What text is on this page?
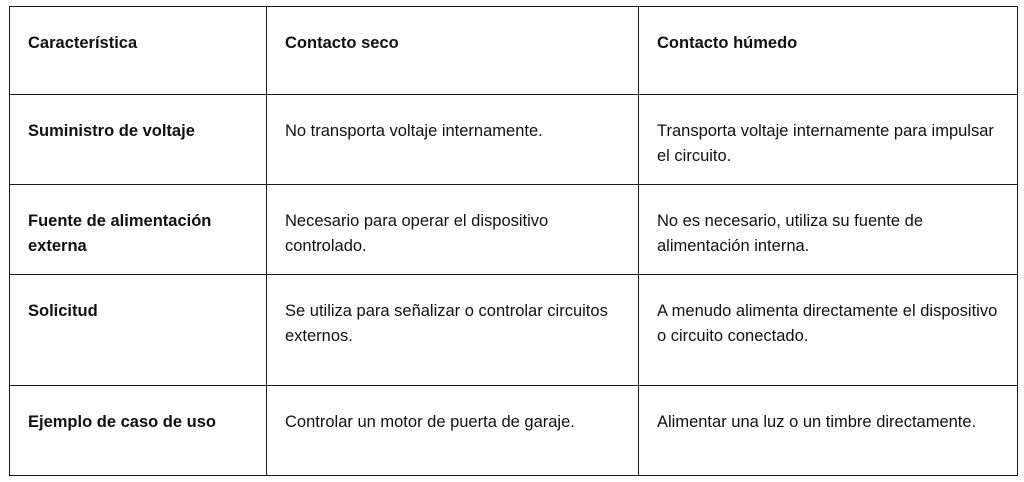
Característica	Contacto seco	Contacto húmedo
Suministro de voltaje	No transporta voltaje internamente.	Transporta voltaje internamente para impulsar el circuito.
Fuente de alimentación externa	Necesario para operar el dispositivo controlado.	No es necesario, utiliza su fuente de alimentación interna.
Solicitud	Se utiliza para señalizar o controlar circuitos externos.	A menudo alimenta directamente el dispositivo o circuito conectado.
Ejemplo de caso de uso	Controlar un motor de puerta de garaje.	Alimentar una luz o un timbre directamente.
